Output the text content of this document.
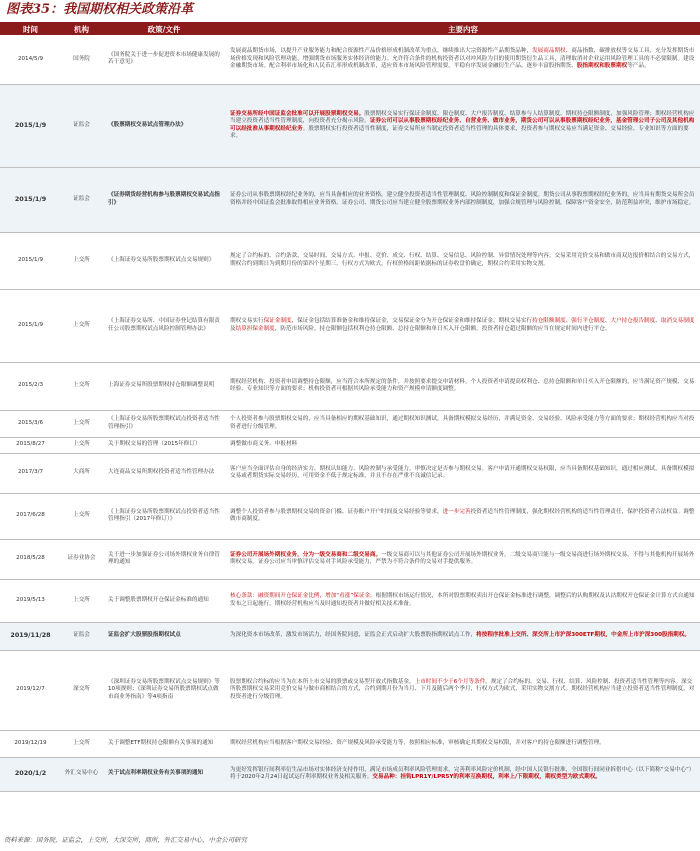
图表35：我国期权相关政策沿革
时间	机构	政策/文件	主要内容
2014/5/9	国务院	《国务院关于进一步促进资本市场健康发展的若干意见》	发展商品期货市场，以提升产业服务能力和配合资源性产品价格形成机制改革为重点，继续推出大宗资源性产品期货品种，发展商品期权、商品指数、碳排放权等交易工具，充分发挥期货市场价格发现和风险管理功能，增强期货市场服务实体经济的能力。允许符合条件的机构投资者以对冲风险为目的使用期货衍生品工具，清理取消对企业运用风险管理工具的不必要限制。建设金融期货市场。配合利率市场化和人民币汇率形成机制改革，适应资本市场风险管理需要，平稳有序发展金融衍生产品。逐步丰富股指期货、股指期权和股票期权等产品。
2015/1/9	证监会	《股票期权交易试点管理办法》	证券交易所经中国证监会批准可以开展股票期权交易。股票期权交易实行保证金制度、限仓制度、大户报告制度、结算参与人结算制度、期权持仓限额制度，加强风险管理；期权经营机构应当建立投资者适当性管理制度，向投资者充分揭示风险。证券公司可以从事股票期权经纪业务、自营业务、做市业务，期货公司可以从事股票期权经纪业务，基金管理公司子公司及其他机构可以经批准从事期权经纪业务。股票期权实行投资者适当性制度，证券交易所应当制定投资者适当性管理的具体要求，投资者参与期权交易应当满足资金、交易经验、专业知识等方面的要求。
2015/1/9	证监会	《证券期货经营机构参与股票期权交易试点指引》	证券公司从事股票期权经纪业务的，应当具备相应的业务资格，建立健全投资者适当性管理制度、风险控制制度和保证金制度。期货公司从事股票期权经纪业务的，应当具有期货交易所会员资格并经中国证监会批准取得相应业务资格。证券公司、期货公司应当建立健全股票期权业务内部控制制度，加强合规管理与风险控制，保障客户资金安全，防范利益冲突，维护市场稳定。
2015/1/9	上交所	《上海证券交易所股票期权试点交易规则》	规定了合约标的、合约条款、交易时间、交易方式、申报、竞价、成交、行权、结算、交易信息、风险控制、异常情况处理等内容。交易采用竞价交易和做市商双边报价相结合的交易方式，期权合约到期日为到期月份的第四个星期三，行权方式为欧式，行权价格间距依据标的证券收盘价确定，期权合约采用实物交割。
2015/1/9	上交所	《上海证券交易所、中国证券登记结算有限责任公司股票期权试点风险控制管理办法》	期权交易实行保证金制度，保证金包括结算准备金和维持保证金，交易保证金分为开仓保证金和维持保证金。期权交易实行持仓限额制度、强行平仓制度、大户持仓报告制度、取消交易制度及结算担保金制度，防范市场风险。持仓限额包括权利仓持仓限额、总持仓限额和单日买入开仓限额，投资者持仓超过限额的应当在规定时间内进行平仓。
2015/2/3	上交所	上海证券交易所股票期权持仓限额调整说明	期权经营机构、投资者申请调整持仓限额，应当符合本所规定的条件，并按照要求提交申请材料。个人投资者申请提高权利仓、总持仓限额和单日买入开仓限额的，应当满足资产规模、交易经验、专业知识等方面的要求；机构投资者可根据其风险承受能力和资产规模申请额度调整。
2015/3/6	上交所	《上海证券交易所股票期权试点投资者适当性管理指引》	个人投资者参与股票期权交易的，应当具备相应的期权基础知识，通过期权知识测试，具备期权模拟交易经历，并满足资金、交易经验、风险承受能力等方面的要求；期权经营机构应当对投资者进行分级管理。
2015/8/27	上交所	关于期权交易的管理（2015年修订）	调整做市商义务、申报材料
2017/3/7	大商所	大连商品交易所期权投资者适当性管理办法	客户应当全面评估自身的经济实力、期权认知能力、风险控制与承受能力，审慎决定是否参与期权交易。客户申请开通期权交易权限，应当具备期权基础知识，通过相应测试，具备期权模拟交易或者期货实际交易经历，可用资金不低于规定标准，并且不存在严重不良诚信记录。
2017/6/28	上交所	《上海证券交易所股票期权试点投资者适当性管理指引（2017年修订）》	调整个人投资者参与股票期权交易的资金门槛、证券账户开户时间及交易经验等要求，进一步完善投资者适当性管理制度，强化期权经营机构的适当性管理责任，保护投资者合法权益。调整做市商制度。
2018/5/28	证券业协会	关于进一步加强证券公司场外期权业务自律管理的通知	证券公司开展场外期权业务，分为一级交易商和二级交易商。一级交易商可以与其他证券公司开展场外期权业务，二级交易商只能与一级交易商进行场外期权交易，不得与其他机构开展场外期权交易。证券公司应当审慎评估交易对手风险承受能力，严禁为不符合条件的交易对手提供服务。
2019/5/13	上交所	关于调整股票期权开仓保证金标准的通知	核心条款：融资期间开仓保证金比例，增加“看涨”保证金。根据期权市场运行情况，本所对股票期权卖出开仓保证金标准进行调整，调整后的认购期权及认沽期权开仓保证金计算方式自通知发布之日起施行，期权经营机构应当及时通知投资者并做好相关技术准备。
2019/11/28	证监会	证监会扩大股票股指期权试点	为深化资本市场改革，激发市场活力，经国务院同意，证监会正式启动扩大股票股指期权试点工作，将按程序批准上交所、深交所上市沪深300ETF期权，中金所上市沪深300股指期权。
2019/12/7	深交所	《深圳证券交易所股票期权试点交易规则》等10项规则；《深圳证券交易所股票期权试点做市商业务指南》等4项指南	股票期权合约标的应当为在本所上市交易的股票或交易型开放式指数基金，上市时间不少于6个月等条件。规定了合约标的、交易、行权、结算、风险控制、投资者适当性管理等内容。深交所股票期权交易采用竞价交易与做市商相结合的方式，合约到期月份为当月、下月及随后两个季月，行权方式为欧式，采用实物交割方式。期权经营机构应当建立投资者适当性管理制度，对投资者进行分级管理。
2019/12/19	上交所	关于调整ETF期权持仓限额有关事项的通知	期权经营机构应当根据客户期权交易经验、资产规模及风险承受能力等，按照相应标准，审核确定其期权交易权限，并对客户的持仓限额进行调整管理。
2020/1/2	外汇交易中心	关于试点利率期权业务有关事项的通知	为更好发挥银行间利率衍生品市场对实体经济支持作用，满足市场成员利率风险管理需求，完善利率风险定价机制，经中国人民银行批准，全国银行间同业拆借中心（以下简称“交易中心”）将于2020年2月24日起试运行利率期权业务及相关服务。交易品种：挂钩LPR1Y/LPR5Y的利率互换期权，利率上/下限期权，期权类型为欧式期权。
资料来源：国务院，证监会，上交所，大深交所，商所，外汇交易中心，中金公司研究
